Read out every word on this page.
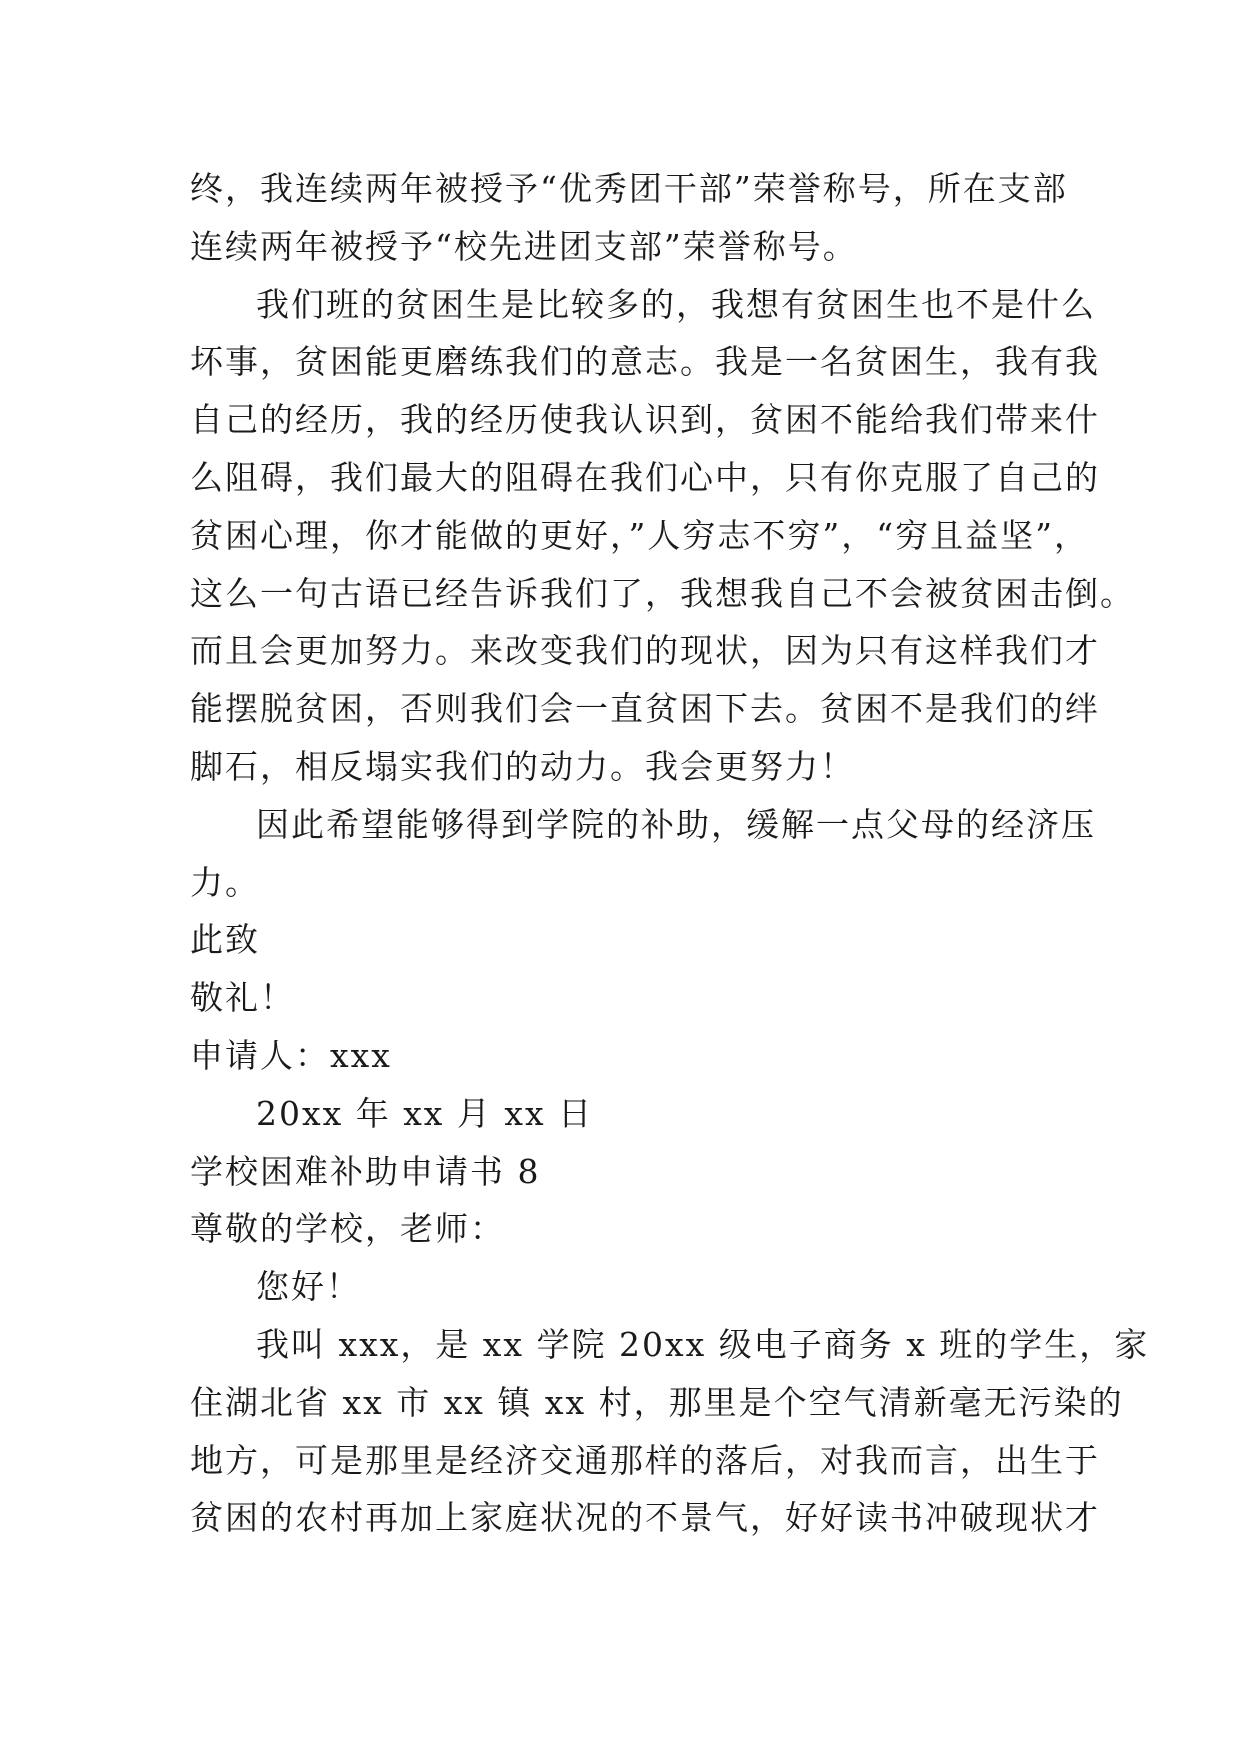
终，我连续两年被授予“优秀团干部”荣誉称号，所在支部
连续两年被授予“校先进团支部”荣誉称号。
我们班的贫困生是比较多的，我想有贫困生也不是什么
坏事，贫困能更磨练我们的意志。我是一名贫困生，我有我
自己的经历，我的经历使我认识到，贫困不能给我们带来什
么阻碍，我们最大的阻碍在我们心中，只有你克服了自己的
贫困心理，你才能做的更好，”人穷志不穷”，“穷且益坚”，
这么一句古语已经告诉我们了，我想我自己不会被贫困击倒。
而且会更加努力。来改变我们的现状，因为只有这样我们才
能摆脱贫困，否则我们会一直贫困下去。贫困不是我们的绊
脚石，相反塌实我们的动力。我会更努力！
因此希望能够得到学院的补助，缓解一点父母的经济压
力。
此致
敬礼！
申请人：xxx
20xx 年 xx 月 xx 日
学校困难补助申请书 8
尊敬的学校，老师：
您好！
我叫 xxx，是 xx 学院 20xx 级电子商务 x 班的学生，家
住湖北省 xx 市 xx 镇 xx 村，那里是个空气清新毫无污染的
地方，可是那里是经济交通那样的落后，对我而言，出生于
贫困的农村再加上家庭状况的不景气，好好读书冲破现状才
